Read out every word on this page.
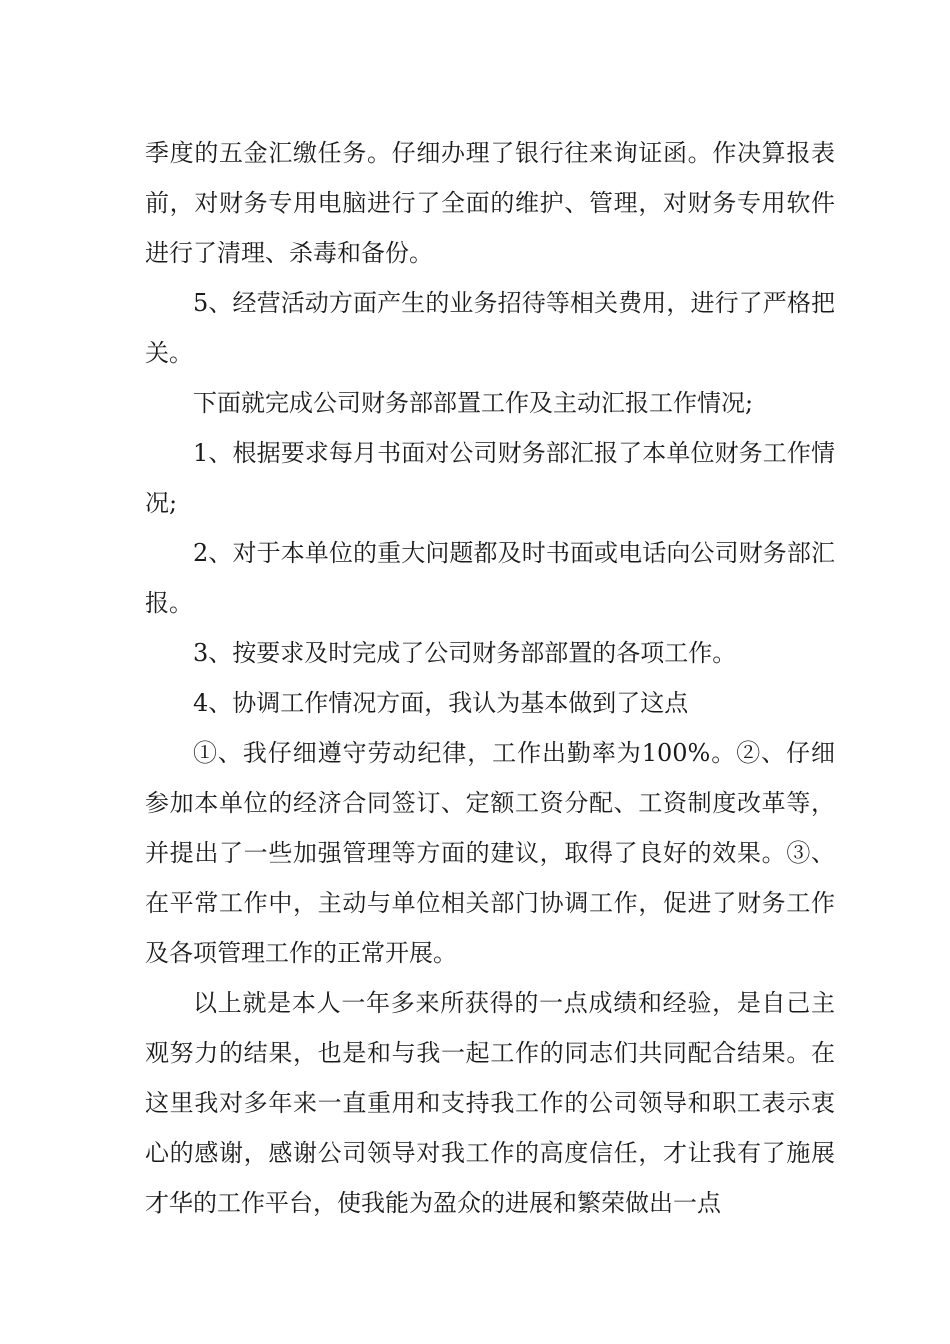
季度的五金汇缴任务。仔细办理了银行往来询证函。作决算报表前，对财务专用电脑进行了全面的维护、管理，对财务专用软件进行了清理、杀毒和备份。

5、经营活动方面产生的业务招待等相关费用，进行了严格把关。

下面就完成公司财务部部置工作及主动汇报工作情况;

1、根据要求每月书面对公司财务部汇报了本单位财务工作情况;

2、对于本单位的重大问题都及时书面或电话向公司财务部汇报。

3、按要求及时完成了公司财务部部置的各项工作。

4、协调工作情况方面，我认为基本做到了这点

①、我仔细遵守劳动纪律，工作出勤率为100%。②、仔细参加本单位的经济合同签订、定额工资分配、工资制度改革等，并提出了一些加强管理等方面的建议，取得了良好的效果。③、在平常工作中，主动与单位相关部门协调工作，促进了财务工作及各项管理工作的正常开展。

以上就是本人一年多来所获得的一点成绩和经验，是自己主观努力的结果，也是和与我一起工作的同志们共同配合结果。在这里我对多年来一直重用和支持我工作的公司领导和职工表示衷心的感谢，感谢公司领导对我工作的高度信任，才让我有了施展才华的工作平台，使我能为盈众的进展和繁荣做出一点
